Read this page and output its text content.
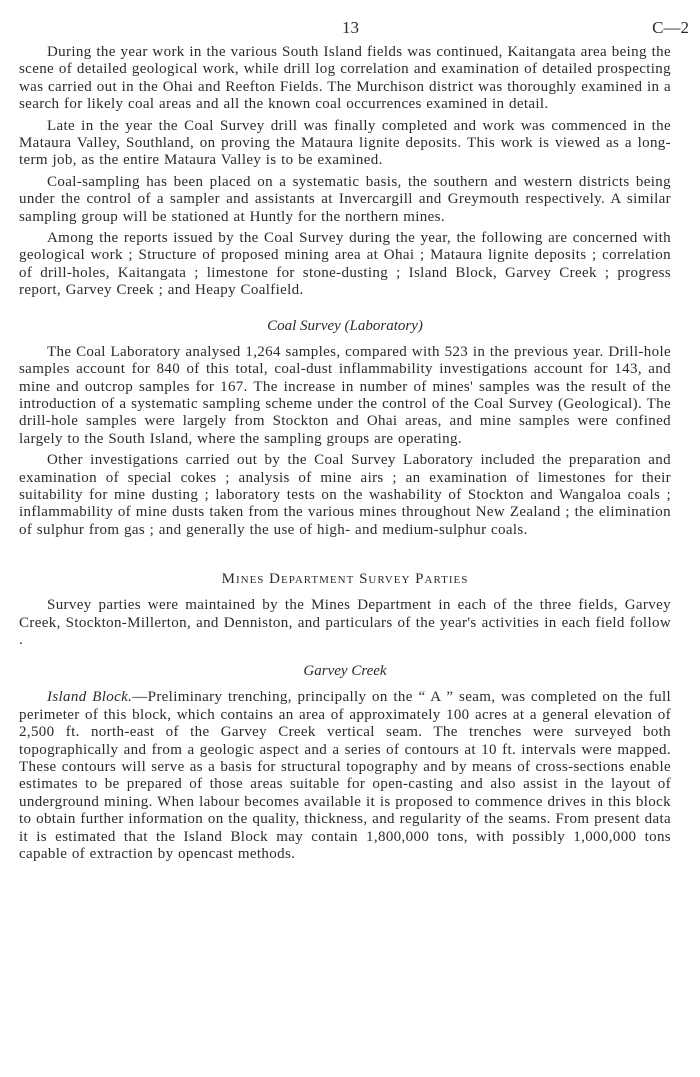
13	C—2

During the year work in the various South Island fields was continued, Kaitangata area being the scene of detailed geological work, while drill log correlation and examination of detailed prospecting was carried out in the Ohai and Reefton Fields. The Murchison district was thoroughly examined in a search for likely coal areas and all the known coal occurrences examined in detail.

Late in the year the Coal Survey drill was finally completed and work was commenced in the Mataura Valley, Southland, on proving the Mataura lignite deposits. This work is viewed as a long-term job, as the entire Mataura Valley is to be examined.

Coal-sampling has been placed on a systematic basis, the southern and western districts being under the control of a sampler and assistants at Invercargill and Greymouth respectively. A similar sampling group will be stationed at Huntly for the northern mines.

Among the reports issued by the Coal Survey during the year, the following are concerned with geological work ; Structure of proposed mining area at Ohai ; Mataura lignite deposits ; correlation of drill-holes, Kaitangata ; limestone for stone-dusting ; Island Block, Garvey Creek ; progress report, Garvey Creek ; and Heapy Coalfield.

Coal Survey (Laboratory)

The Coal Laboratory analysed 1,264 samples, compared with 523 in the previous year. Drill-hole samples account for 840 of this total, coal-dust inflammability investigations account for 143, and mine and outcrop samples for 167. The increase in number of mines' samples was the result of the introduction of a systematic sampling scheme under the control of the Coal Survey (Geological). The drill-hole samples were largely from Stockton and Ohai areas, and mine samples were confined largely to the South Island, where the sampling groups are operating.

Other investigations carried out by the Coal Survey Laboratory included the preparation and examination of special cokes ; analysis of mine airs ; an examination of limestones for their suitability for mine dusting ; laboratory tests on the washability of Stockton and Wangaloa coals ; inflammability of mine dusts taken from the various mines throughout New Zealand ; the elimination of sulphur from gas ; and generally the use of high- and medium-sulphur coals.

Mines Department Survey Parties

Survey parties were maintained by the Mines Department in each of the three fields, Garvey Creek, Stockton-Millerton, and Denniston, and particulars of the year's activities in each field follow .

Garvey Creek

Island Block.—Preliminary trenching, principally on the “ A ” seam, was completed on the full perimeter of this block, which contains an area of approximately 100 acres at a general elevation of 2,500 ft. north-east of the Garvey Creek vertical seam. The trenches were surveyed both topographically and from a geologic aspect and a series of contours at 10 ft. intervals were mapped. These contours will serve as a basis for structural topography and by means of cross-sections enable estimates to be prepared of those areas suitable for open-casting and also assist in the layout of underground mining. When labour becomes available it is proposed to commence drives in this block to obtain further information on the quality, thickness, and regularity of the seams. From present data it is estimated that the Island Block may contain 1,800,000 tons, with possibly 1,000,000 tons capable of extraction by opencast methods.
